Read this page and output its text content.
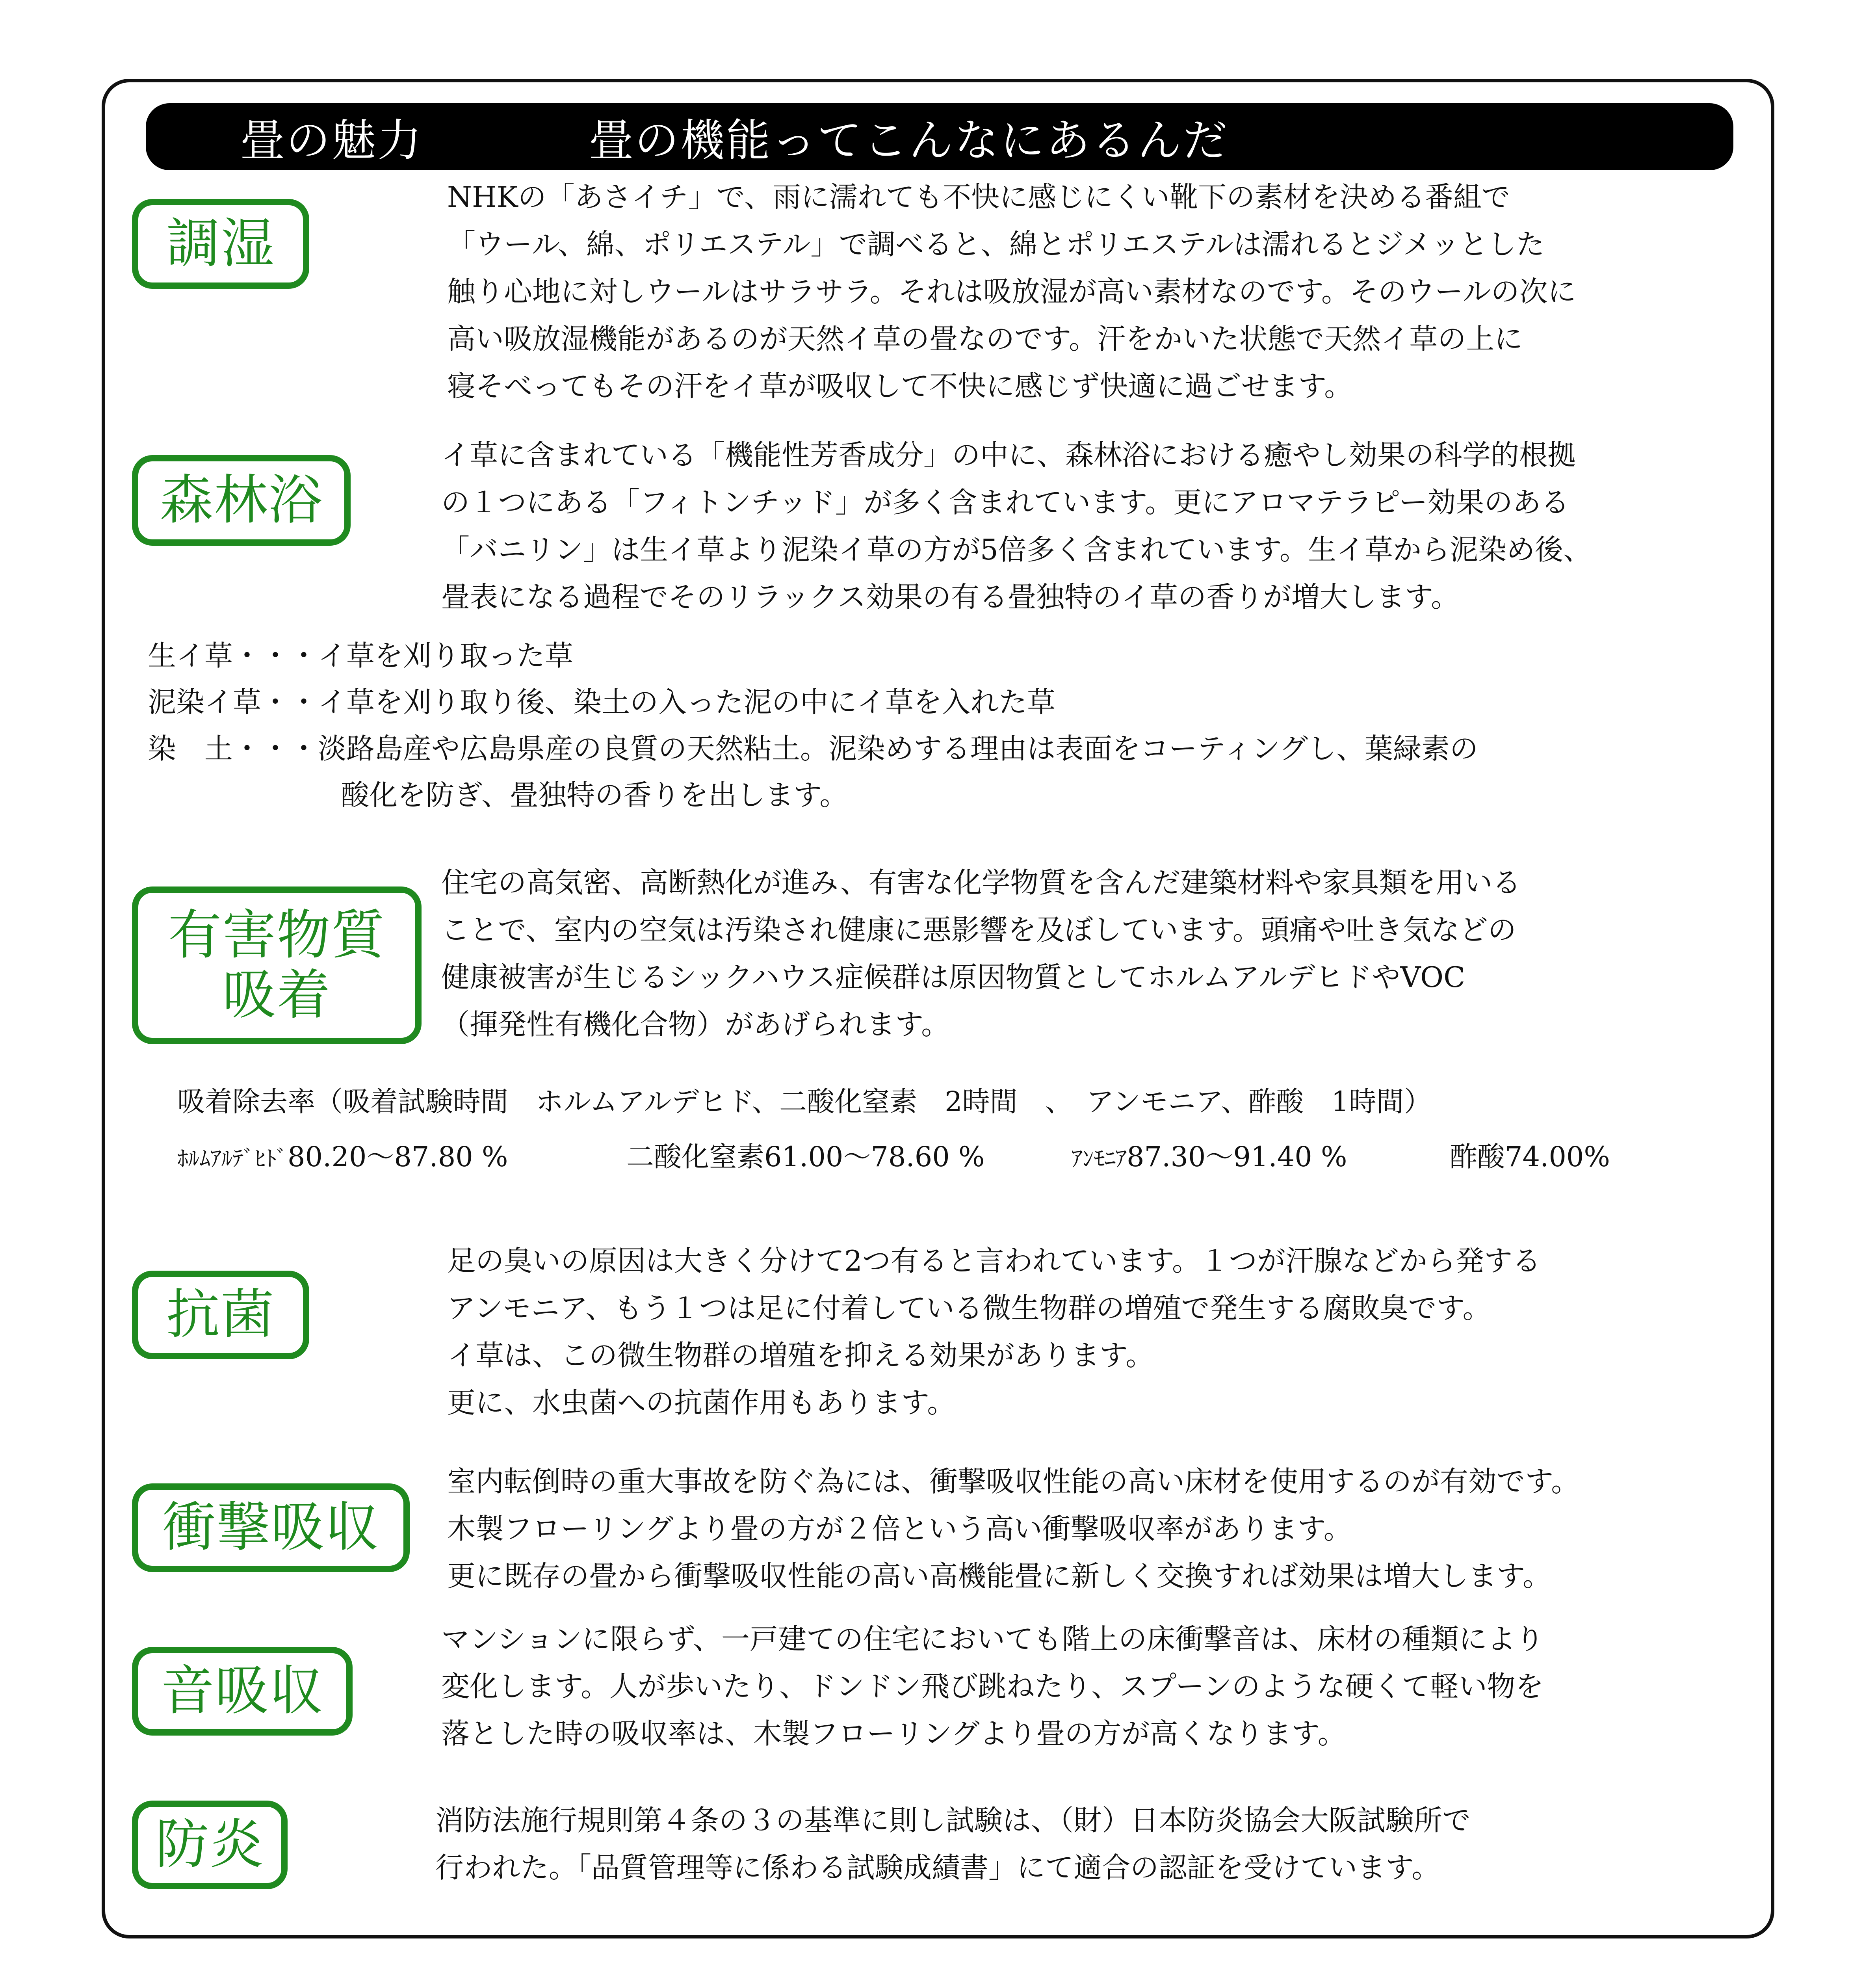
畳の魅力	畳の機能ってこんなにあるんだ
調湿

NHKの「あさイチ」で、雨に濡れても不快に感じにくい靴下の素材を決める番組で
「ウール、綿、ポリエステル」で調べると、綿とポリエステルは濡れるとジメッとした
触り心地に対しウールはサラサラ。それは吸放湿が高い素材なのです。そのウールの次に
高い吸放湿機能があるのが天然イ草の畳なのです。汗をかいた状態で天然イ草の上に
寝そべってもその汗をイ草が吸収して不快に感じず快適に過ごせます。

森林浴

イ草に含まれている「機能性芳香成分」の中に、森林浴における癒やし効果の科学的根拠
の１つにある「フィトンチッド」が多く含まれています。更にアロマテラピー効果のある
「バニリン」は生イ草より泥染イ草の方が5倍多く含まれています。生イ草から泥染め後、
畳表になる過程でそのリラックス効果の有る畳独特のイ草の香りが増大します。

生イ草・・・イ草を刈り取った草
泥染イ草・・イ草を刈り取り後、染土の入った泥の中にイ草を入れた草
染　土・・・淡路島産や広島県産の良質の天然粘土。泥染めする理由は表面をコーティングし、葉緑素の
酸化を防ぎ、畳独特の香りを出します。
有害物質
吸着

住宅の高気密、高断熱化が進み、有害な化学物質を含んだ建築材料や家具類を用いる
ことで、室内の空気は汚染され健康に悪影響を及ぼしています。頭痛や吐き気などの
健康被害が生じるシックハウス症候群は原因物質としてホルムアルデヒドやVOC
（揮発性有機化合物）があげられます。

吸着除去率（吸着試験時間　ホルムアルデヒド、二酸化窒素　2時間　、　アンモニア、酢酸　1時間）
ﾎﾙﾑｱﾙﾃﾞﾋﾄﾞ80.20～87.80 %	二酸化窒素61.00～78.60 %	ｱﾝﾓﾆｱ87.30～91.40 %	酢酸74.00%
抗菌

足の臭いの原因は大きく分けて2つ有ると言われています。１つが汗腺などから発する
アンモニア、もう１つは足に付着している微生物群の増殖で発生する腐敗臭です。
イ草は、この微生物群の増殖を抑える効果があります。
更に、水虫菌への抗菌作用もあります。

衝撃吸収

室内転倒時の重大事故を防ぐ為には、衝撃吸収性能の高い床材を使用するのが有効です。
木製フローリングより畳の方が２倍という高い衝撃吸収率があります。
更に既存の畳から衝撃吸収性能の高い高機能畳に新しく交換すれば効果は増大します。

音吸収

マンションに限らず、一戸建ての住宅においても階上の床衝撃音は、床材の種類により
変化します。人が歩いたり、ドンドン飛び跳ねたり、スプーンのような硬くて軽い物を
落とした時の吸収率は、木製フローリングより畳の方が高くなります。

防炎	消防法施行規則第４条の３の基準に則し試験は、（財）日本防炎協会大阪試験所で
行われた。「品質管理等に係わる試験成績書」にて適合の認証を受けています。
